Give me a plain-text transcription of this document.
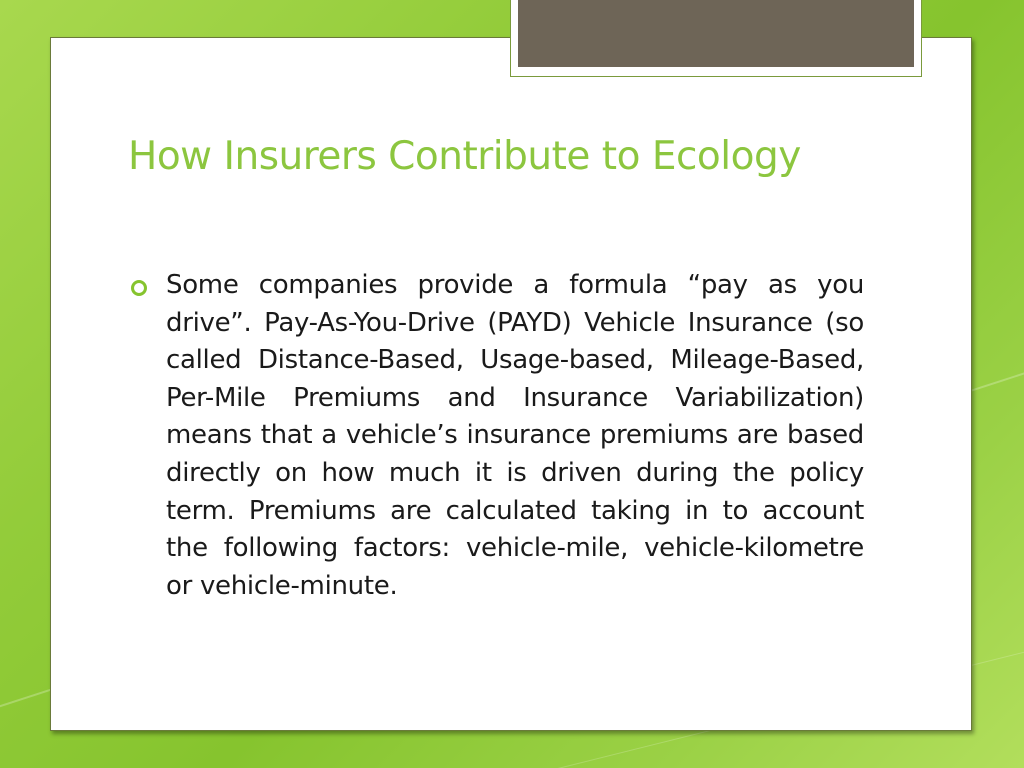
How Insurers Contribute to Ecology

Some companies provide a formula “pay as you drive”. Pay-As-You-Drive (PAYD) Vehicle Insurance (so called Distance-Based, Usage-based, Mileage-Based, Per-Mile Premiums and Insurance Variabilization) means that a vehicle’s insurance premiums are based directly on how much it is driven during the policy term. Premiums are calculated taking in to account the following factors: vehicle-mile, vehicle-kilometre or vehicle-minute.
